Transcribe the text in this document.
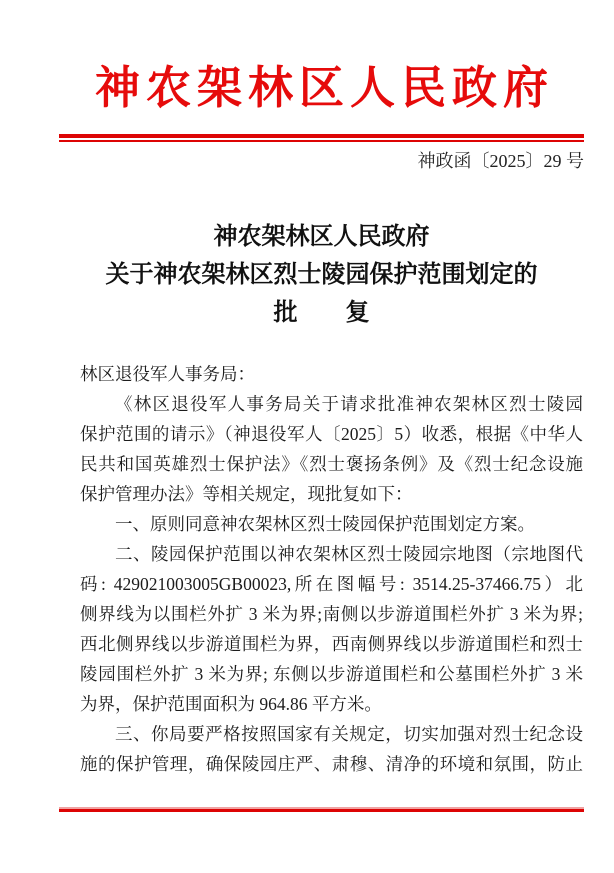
神农架林区人民政府
神政函〔2025〕29 号
神农架林区人民政府
关于神农架林区烈士陵园保护范围划定的
批　　复
林区退役军人事务局：
《林区退役军人事务局关于请求批准神农架林区烈士陵园
保护范围的请示》（神退役军人〔2025〕5）收悉，根据《中华人
民共和国英雄烈士保护法》《烈士褒扬条例》及《烈士纪念设施
保护管理办法》等相关规定，现批复如下：
一、原则同意神农架林区烈士陵园保护范围划定方案。
二、陵园保护范围以神农架林区烈士陵园宗地图（宗地图代
码: 429021003005GB00023,所在图幅号: 3514.25-37466.75）北
侧界线为以围栏外扩 3 米为界;南侧以步游道围栏外扩 3 米为界;
西北侧界线以步游道围栏为界，西南侧界线以步游道围栏和烈士
陵园围栏外扩 3 米为界; 东侧以步游道围栏和公墓围栏外扩 3 米
为界，保护范围面积为 964.86 平方米。
三、你局要严格按照国家有关规定，切实加强对烈士纪念设
施的保护管理，确保陵园庄严、肃穆、清净的环境和氛围，防止
